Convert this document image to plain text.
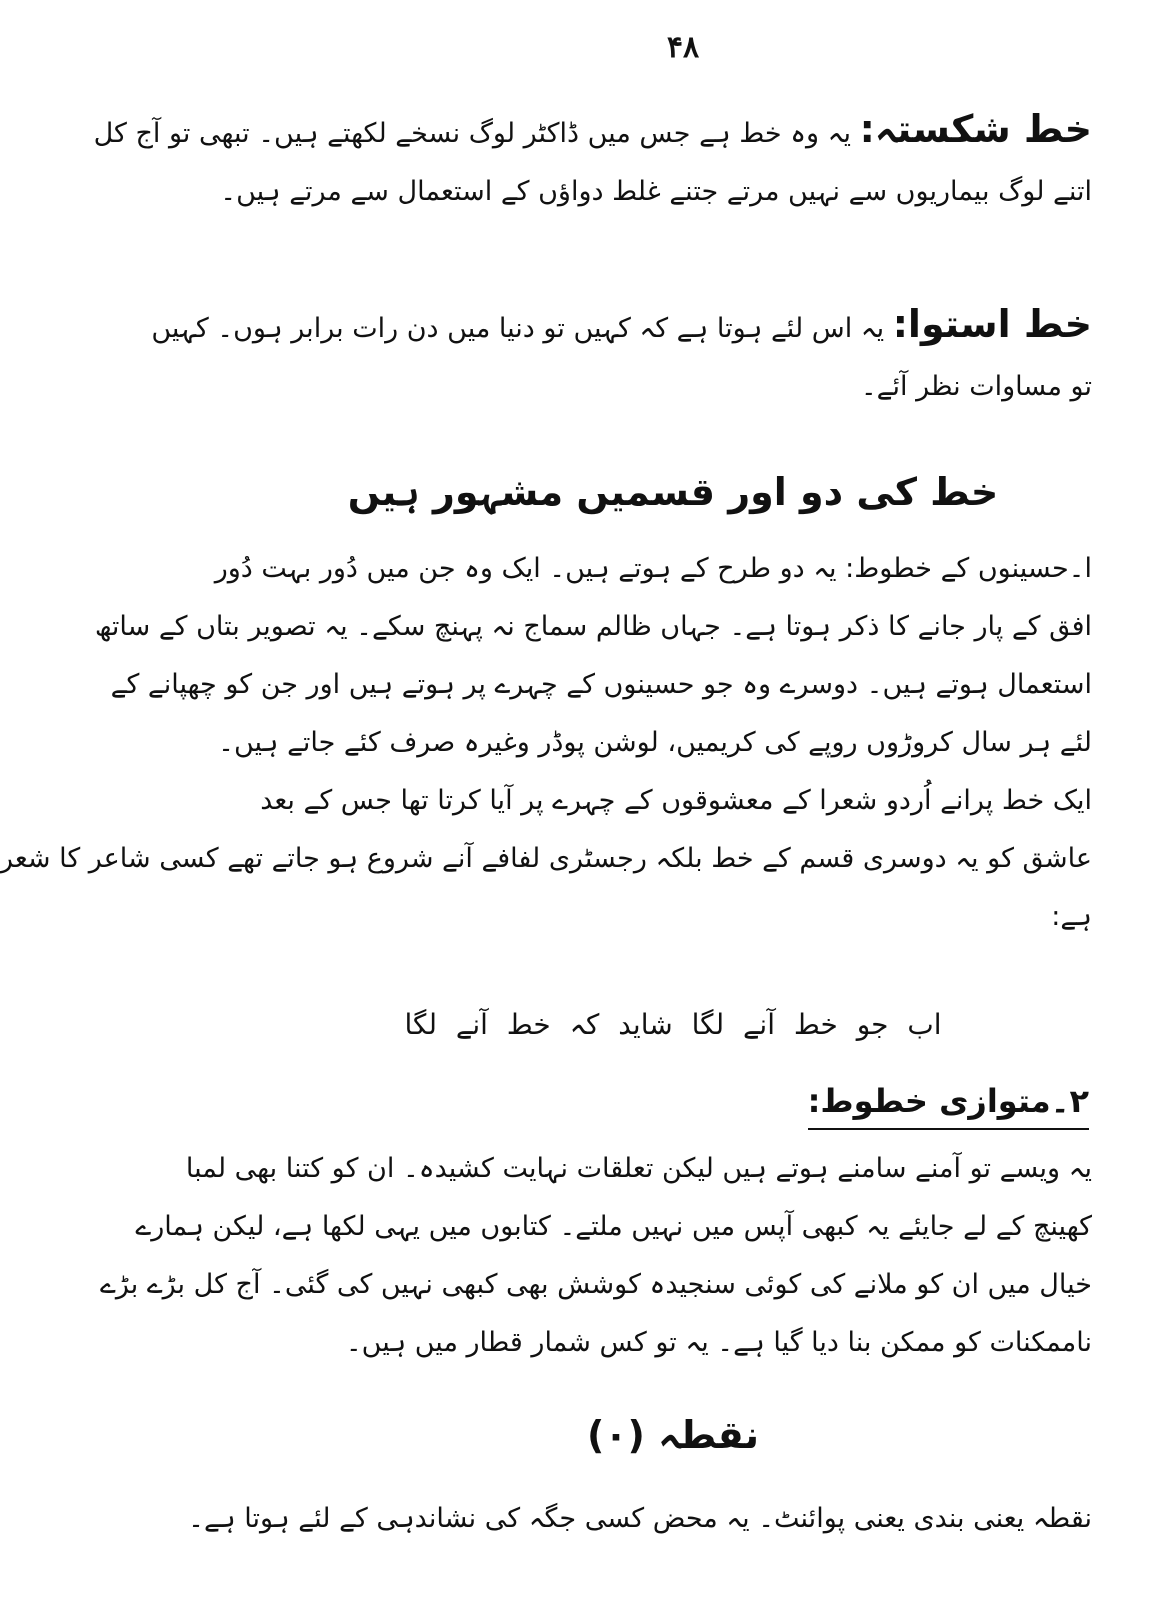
۴۸
خط شکستہ: یہ وہ خط ہے جس میں ڈاکٹر لوگ نسخے لکھتے ہیں۔ تبھی تو آج کل
اتنے لوگ بیماریوں سے نہیں مرتے جتنے غلط دواؤں کے استعمال سے مرتے ہیں۔
خط استوا: یہ اس لئے ہوتا ہے کہ کہیں تو دنیا میں دن رات برابر ہوں۔ کہیں
تو مساوات نظر آئے۔
خط کی دو اور قسمیں مشہور ہیں
ا۔حسینوں کے خطوط: یہ دو طرح کے ہوتے ہیں۔ ایک وہ جن میں دُور بہت دُور
افق کے پار جانے کا ذکر ہوتا ہے۔ جہاں ظالم سماج نہ پہنچ سکے۔ یہ تصویر بتاں کے ساتھ
استعمال ہوتے ہیں۔ دوسرے وہ جو حسینوں کے چہرے پر ہوتے ہیں اور جن کو چھپانے کے
لئے ہر سال کروڑوں روپے کی کریمیں، لوشن پوڈر وغیرہ صرف کئے جاتے ہیں۔
ایک خط پرانے اُردو شعرا کے معشوقوں کے چہرے پر آیا کرتا تھا جس کے بعد
عاشق کو یہ دوسری قسم کے خط بلکہ رجسٹری لفافے آنے شروع ہو جاتے تھے کسی شاعر کا شعر
ہے:
اب جو خط آنے لگا شاید کہ خط آنے لگا
۲۔متوازی خطوط:
یہ ویسے تو آمنے سامنے ہوتے ہیں لیکن تعلقات نہایت کشیدہ۔ ان کو کتنا بھی لمبا
کھینچ کے لے جایئے یہ کبھی آپس میں نہیں ملتے۔ کتابوں میں یہی لکھا ہے، لیکن ہمارے
خیال میں ان کو ملانے کی کوئی سنجیدہ کوشش بھی کبھی نہیں کی گئی۔ آج کل بڑے بڑے
ناممکنات کو ممکن بنا دیا گیا ہے۔ یہ تو کس شمار قطار میں ہیں۔
نقطہ (۰)
نقطہ یعنی بندی یعنی پوائنٹ۔ یہ محض کسی جگہ کی نشاندہی کے لئے ہوتا ہے۔
